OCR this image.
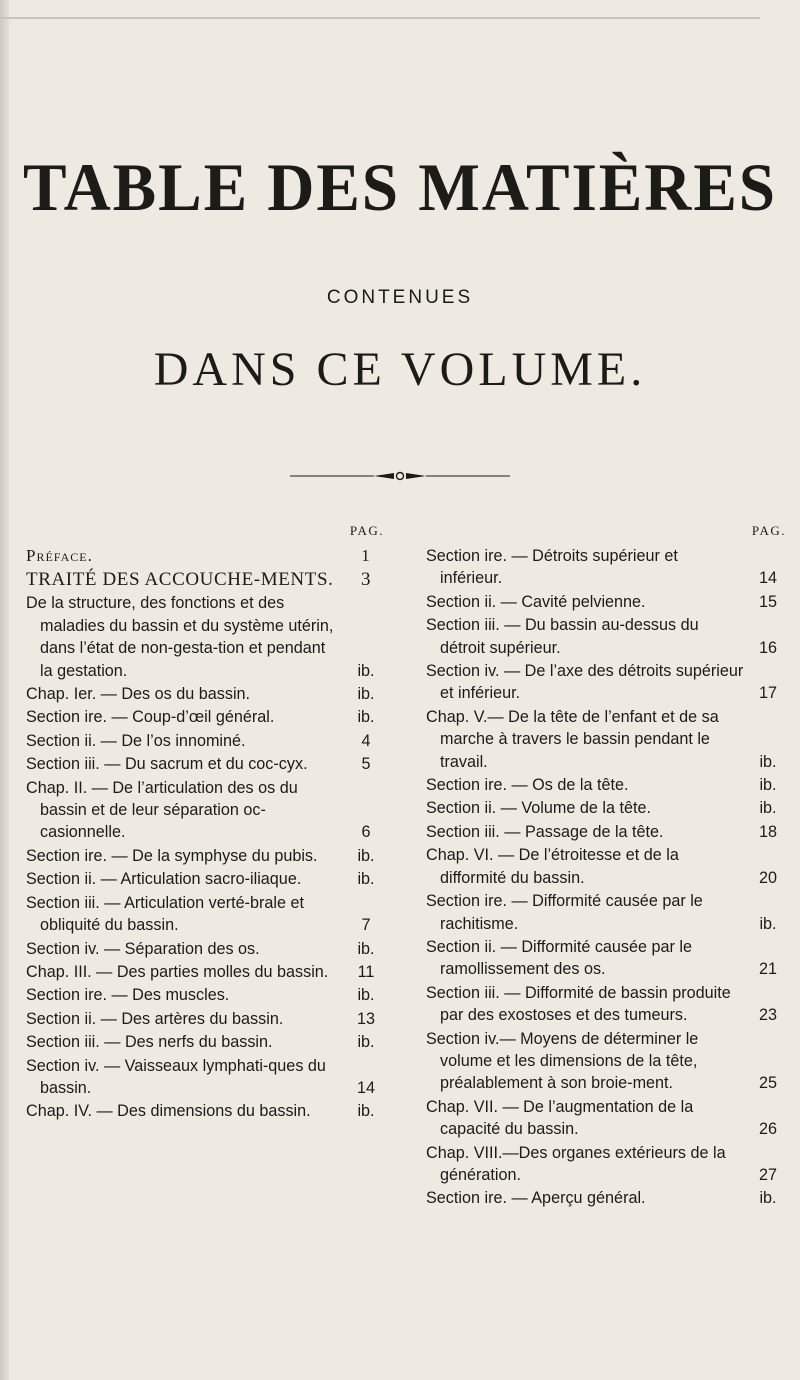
TABLE DES MATIÈRES
CONTENUES
DANS CE VOLUME.
PAG.
Préface.	1
TRAITÉ DES ACCOUCHE-MENTS.	3
De la structure, des fonctions et des maladies du bassin et du système utérin, dans l’état de non-gesta-tion et pendant la gestation.	ib.
Chap. Ier. — Des os du bassin.	ib.
Section ire. — Coup-d’œil général.	ib.
Section ii. — De l’os innominé.	4
Section iii. — Du sacrum et du coc-cyx.	5
Chap. II. — De l’articulation des os du bassin et de leur séparation oc-casionnelle.	6
Section ire. — De la symphyse du pubis.	ib.
Section ii. — Articulation sacro-iliaque.	ib.
Section iii. — Articulation verté-brale et obliquité du bassin.	7
Section iv. — Séparation des os.	ib.
Chap. III. — Des parties molles du bassin.	11
Section ire. — Des muscles.	ib.
Section ii. — Des artères du bassin.	13
Section iii. — Des nerfs du bassin.	ib.
Section iv. — Vaisseaux lymphati-ques du bassin.	14
Chap. IV. — Des dimensions du bassin.	ib.
PAG.
Section ire. — Détroits supérieur et inférieur.	14
Section ii. — Cavité pelvienne.	15
Section iii. — Du bassin au-dessus du détroit supérieur.	16
Section iv. — De l’axe des détroits supérieur et inférieur.	17
Chap. V.— De la tête de l’enfant et de sa marche à travers le bassin pendant le travail.	ib.
Section ire. — Os de la tête.	ib.
Section ii. — Volume de la tête.	ib.
Section iii. — Passage de la tête.	18
Chap. VI. — De l’étroitesse et de la difformité du bassin.	20
Section ire. — Difformité causée par le rachitisme.	ib.
Section ii. — Difformité causée par le ramollissement des os.	21
Section iii. — Difformité de bassin produite par des exostoses et des tumeurs.	23
Section iv.— Moyens de déterminer le volume et les dimensions de la tête, préalablement à son broie-ment.	25
Chap. VII. — De l’augmentation de la capacité du bassin.	26
Chap. VIII.—Des organes extérieurs de la génération.	27
Section ire. — Aperçu général.	ib.
